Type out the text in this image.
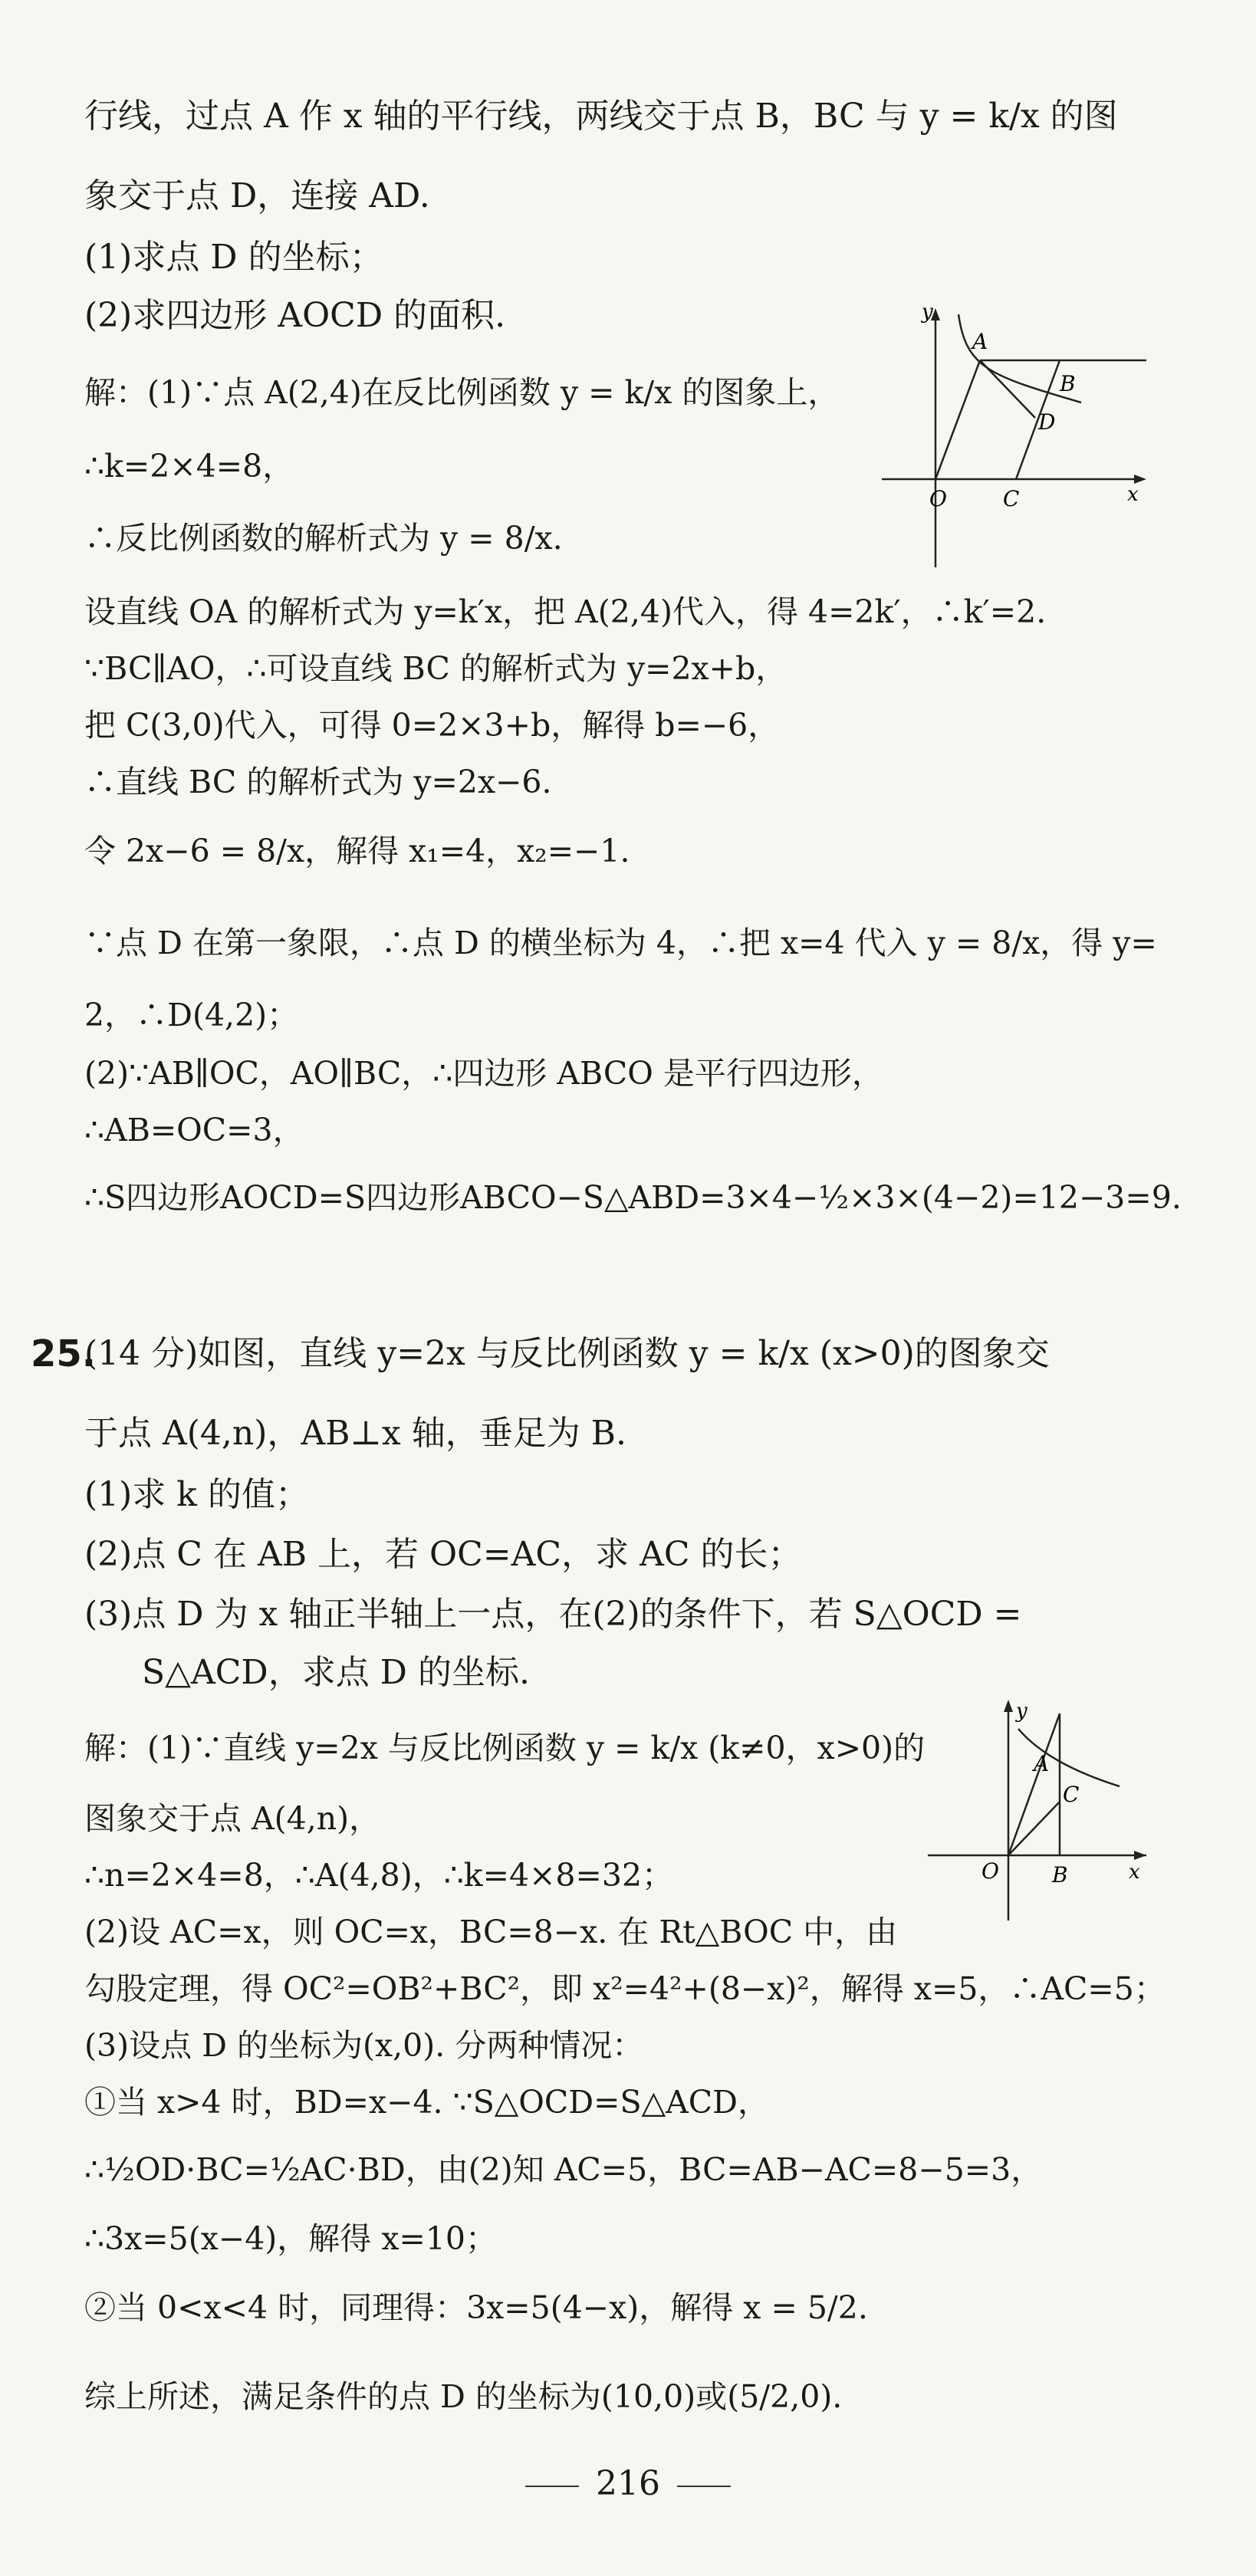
行线，过点 A 作 x 轴的平行线，两线交于点 B，BC 与 y = k/x 的图
象交于点 D，连接 AD.
(1)求点 D 的坐标；
(2)求四边形 AOCD 的面积.
解：(1)∵点 A(2,4)在反比例函数 y = k/x 的图象上，
∴k=2×4=8，
∴反比例函数的解析式为 y = 8/x.
设直线 OA 的解析式为 y=k′x，把 A(2,4)代入，得 4=2k′，∴k′=2.
∵BC∥AO，∴可设直线 BC 的解析式为 y=2x+b，
把 C(3,0)代入，可得 0=2×3+b，解得 b=−6，
∴直线 BC 的解析式为 y=2x−6.
令 2x−6 = 8/x，解得 x₁=4，x₂=−1.
∵点 D 在第一象限，∴点 D 的横坐标为 4，∴把 x=4 代入 y = 8/x，得 y=
2，∴D(4,2)；
(2)∵AB∥OC，AO∥BC，∴四边形 ABCO 是平行四边形，
∴AB=OC=3，
∴S四边形AOCD=S四边形ABCO−S△ABD=3×4−½×3×(4−2)=12−3=9.
y
A
B
D
O	C	x
25.
(14 分)如图，直线 y=2x 与反比例函数 y = k/x (x>0)的图象交
于点 A(4,n)，AB⊥x 轴，垂足为 B.
(1)求 k 的值；
(2)点 C 在 AB 上，若 OC=AC，求 AC 的长；
(3)点 D 为 x 轴正半轴上一点，在(2)的条件下，若 S△OCD =
S△ACD，求点 D 的坐标.
解：(1)∵直线 y=2x 与反比例函数 y = k/x (k≠0，x>0)的
图象交于点 A(4,n)，
∴n=2×4=8，∴A(4,8)，∴k=4×8=32；
(2)设 AC=x，则 OC=x，BC=8−x. 在 Rt△BOC 中，由
勾股定理，得 OC²=OB²+BC²，即 x²=4²+(8−x)²，解得 x=5，∴AC=5；
(3)设点 D 的坐标为(x,0). 分两种情况：
①当 x>4 时，BD=x−4. ∵S△OCD=S△ACD，
∴½OD·BC=½AC·BD，由(2)知 AC=5，BC=AB−AC=8−5=3，
∴3x=5(x−4)，解得 x=10；
②当 0<x<4 时，同理得：3x=5(4−x)，解得 x = 5/2.
综上所述，满足条件的点 D 的坐标为(10,0)或(5/2,0).
y
A
C
O B	x
216
